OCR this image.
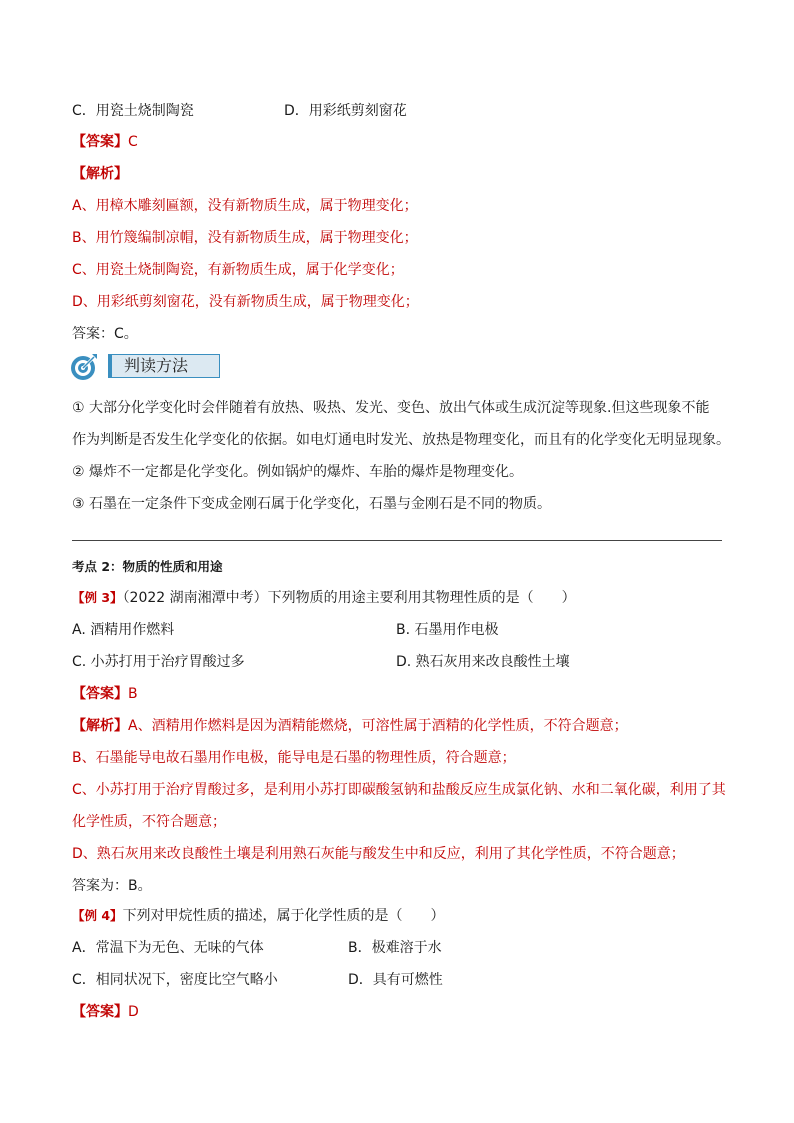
C．用瓷土烧制陶瓷	D．用彩纸剪刻窗花
【答案】C
【解析】
A、用樟木雕刻匾额，没有新物质生成，属于物理变化；
B、用竹篾编制凉帽，没有新物质生成，属于物理变化；
C、用瓷土烧制陶瓷，有新物质生成，属于化学变化；
D、用彩纸剪刻窗花，没有新物质生成，属于物理变化；
答案：C。
判读方法
① 大部分化学变化时会伴随着有放热、吸热、发光、变色、放出气体或生成沉淀等现象.但这些现象不能
作为判断是否发生化学变化的依据。如电灯通电时发光、放热是物理变化，而且有的化学变化无明显现象。
② 爆炸不一定都是化学变化。例如锅炉的爆炸、车胎的爆炸是物理变化。
③ 石墨在一定条件下变成金刚石属于化学变化，石墨与金刚石是不同的物质。
考点 2：物质的性质和用途
【例 3】（2022 湖南湘潭中考）下列物质的用途主要利用其物理性质的是（　　）
A. 酒精用作燃料	B. 石墨用作电极
C. 小苏打用于治疗胃酸过多	D. 熟石灰用来改良酸性土壤
【答案】B
【解析】A、酒精用作燃料是因为酒精能燃烧，可溶性属于酒精的化学性质，不符合题意；
B、石墨能导电故石墨用作电极，能导电是石墨的物理性质，符合题意；
C、小苏打用于治疗胃酸过多，是利用小苏打即碳酸氢钠和盐酸反应生成氯化钠、水和二氧化碳，利用了其
化学性质，不符合题意；
D、熟石灰用来改良酸性土壤是利用熟石灰能与酸发生中和反应，利用了其化学性质，不符合题意；
答案为：B。
【例 4】下列对甲烷性质的描述，属于化学性质的是（　　）
A．常温下为无色、无味的气体	B．极难溶于水
C．相同状况下，密度比空气略小	D．具有可燃性
【答案】D
